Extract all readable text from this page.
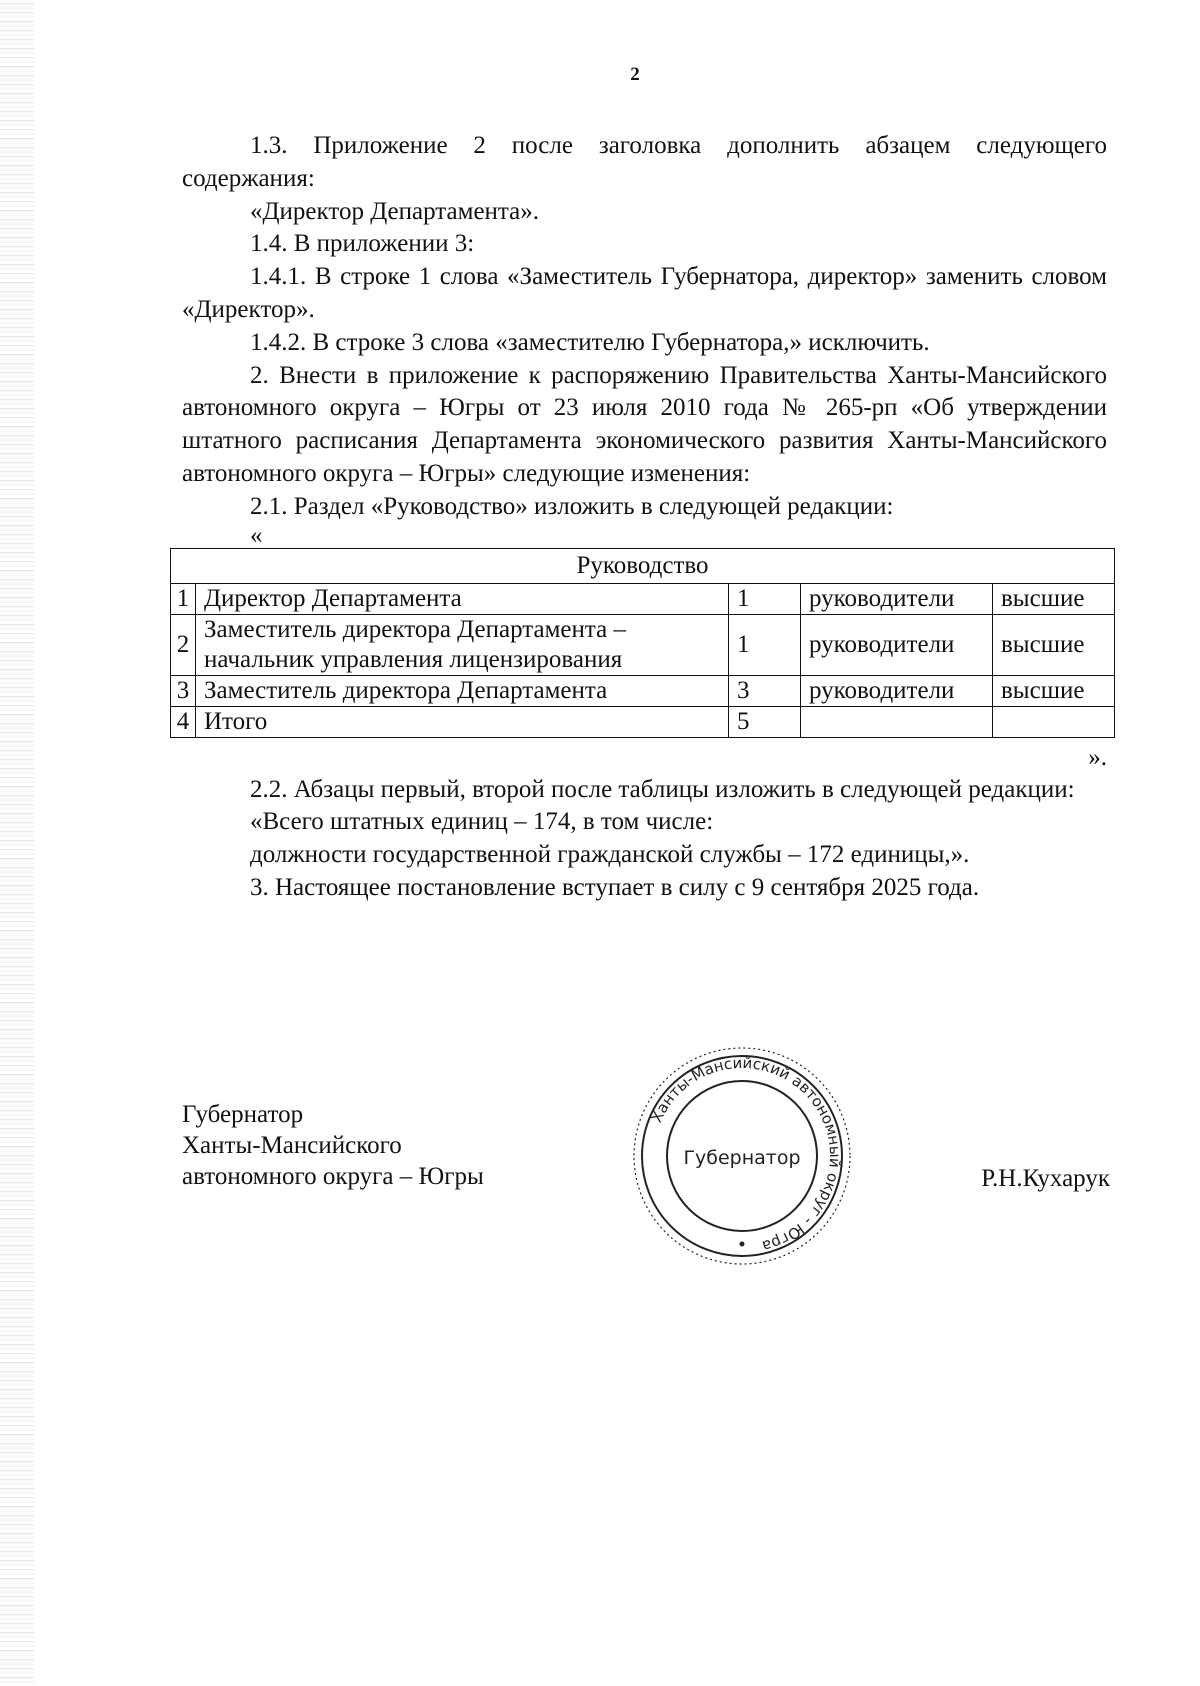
2

1.3. Приложение 2 после заголовка дополнить абзацем следующего содержания:

«Директор Департамента».

1.4. В приложении 3:

1.4.1. В строке 1 слова «Заместитель Губернатора, директор» заменить словом «Директор».

1.4.2. В строке 3 слова «заместителю Губернатора,» исключить.

2. Внести в приложение к распоряжению Правительства Ханты-Мансийского автономного округа – Югры от 23 июля 2010 года № 265-рп «Об утверждении штатного расписания Департамента экономического развития Ханты-Мансийского автономного округа – Югры» следующие изменения:

2.1. Раздел «Руководство» изложить в следующей редакции:

«

Руководство				
1	Директор Департамента	1	руководители	высшие
2	Заместитель директора Департамента – начальник управления лицензирования	1	руководители	высшие
3	Заместитель директора Департамента	3	руководители	высшие
4	Итого	5		

».

2.2. Абзацы первый, второй после таблицы изложить в следующей редакции:

«Всего штатных единиц – 174, в том числе:

должности государственной гражданской службы – 172 единицы,».

3. Настоящее постановление вступает в силу с 9 сентября 2025 года.

Губернатор
Ханты-Мансийского
автономного округа – Югры	Р.Н.Кухарук
Ханты-Мансийский автономный округ - Югра
Губернатор
